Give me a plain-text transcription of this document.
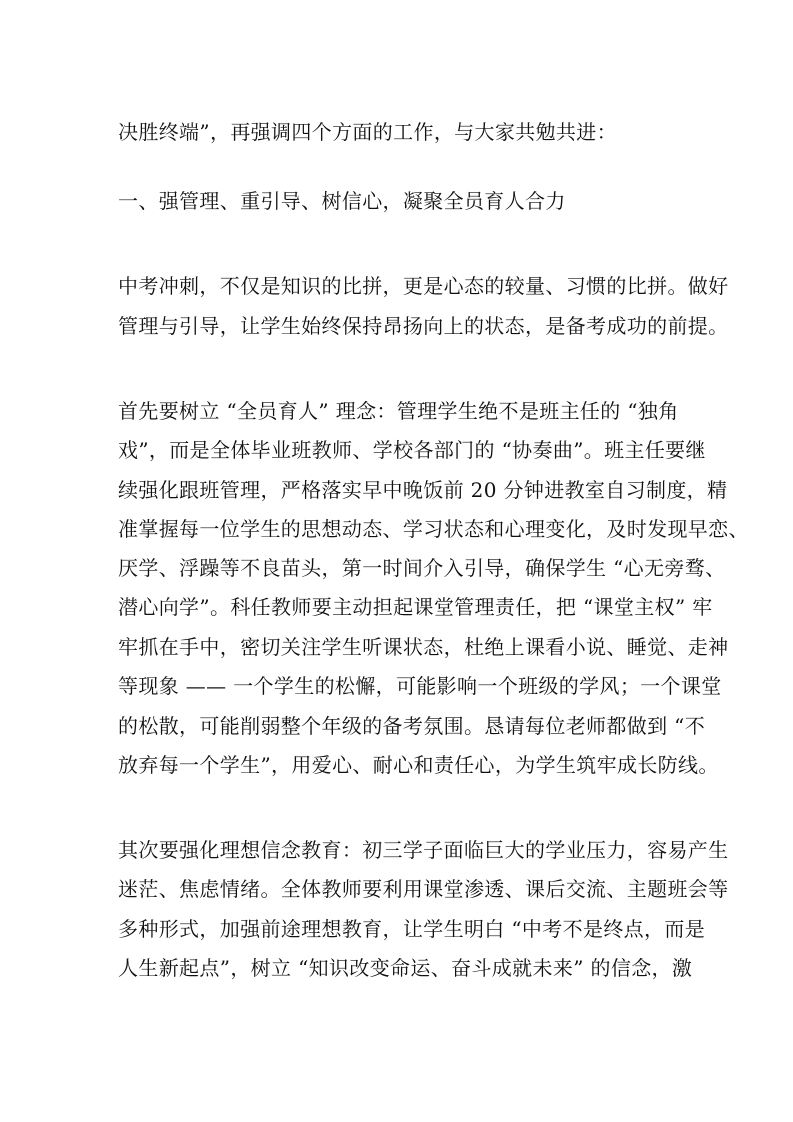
决胜终端”，再强调四个方面的工作，与大家共勉共进：
一、强管理、重引导、树信心，凝聚全员育人合力
中考冲刺，不仅是知识的比拼，更是心态的较量、习惯的比拼。做好
管理与引导，让学生始终保持昂扬向上的状态，是备考成功的前提。
首先要树立 “全员育人” 理念：管理学生绝不是班主任的 “独角
戏”，而是全体毕业班教师、学校各部门的 “协奏曲”。班主任要继
续强化跟班管理，严格落实早中晚饭前 20 分钟进教室自习制度，精
准掌握每一位学生的思想动态、学习状态和心理变化，及时发现早恋、
厌学、浮躁等不良苗头，第一时间介入引导，确保学生 “心无旁骛、
潜心向学”。科任教师要主动担起课堂管理责任，把 “课堂主权” 牢
牢抓在手中，密切关注学生听课状态，杜绝上课看小说、睡觉、走神
等现象 —— 一个学生的松懈，可能影响一个班级的学风；一个课堂
的松散，可能削弱整个年级的备考氛围。恳请每位老师都做到 “不
放弃每一个学生”，用爱心、耐心和责任心，为学生筑牢成长防线。
其次要强化理想信念教育：初三学子面临巨大的学业压力，容易产生
迷茫、焦虑情绪。全体教师要利用课堂渗透、课后交流、主题班会等
多种形式，加强前途理想教育，让学生明白 “中考不是终点，而是
人生新起点”，树立 “知识改变命运、奋斗成就未来” 的信念，激
